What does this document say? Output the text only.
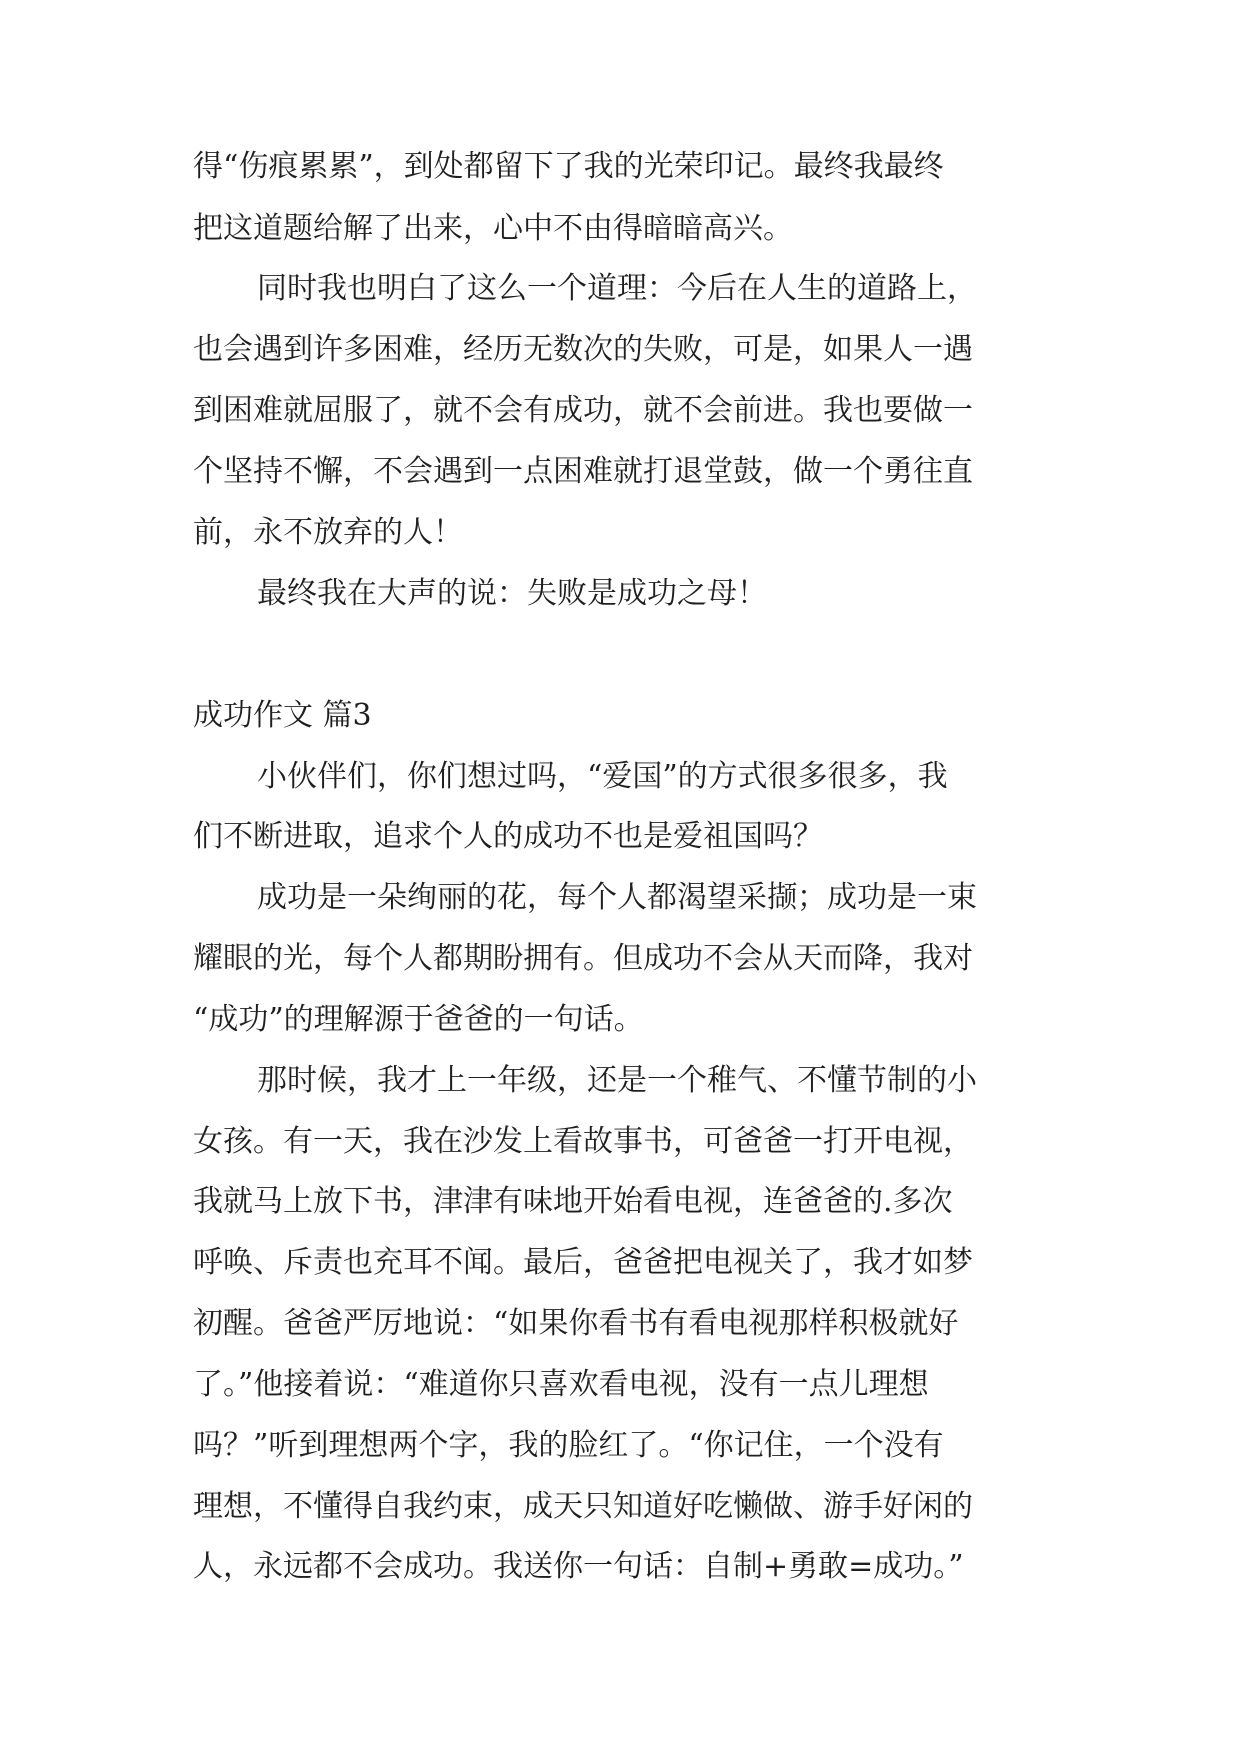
得“伤痕累累”，到处都留下了我的光荣印记。最终我最终
把这道题给解了出来，心中不由得暗暗高兴。
同时我也明白了这么一个道理：今后在人生的道路上，
也会遇到许多困难，经历无数次的失败，可是，如果人一遇
到困难就屈服了，就不会有成功，就不会前进。我也要做一
个坚持不懈，不会遇到一点困难就打退堂鼓，做一个勇往直
前，永不放弃的人！
最终我在大声的说：失败是成功之母！
成功作文 篇3
小伙伴们，你们想过吗，“爱国”的方式很多很多，我
们不断进取，追求个人的成功不也是爱祖国吗？
成功是一朵绚丽的花，每个人都渴望采撷；成功是一束
耀眼的光，每个人都期盼拥有。但成功不会从天而降，我对
“成功”的理解源于爸爸的一句话。
那时候，我才上一年级，还是一个稚气、不懂节制的小
女孩。有一天，我在沙发上看故事书，可爸爸一打开电视，
我就马上放下书，津津有味地开始看电视，连爸爸的.多次
呼唤、斥责也充耳不闻。最后，爸爸把电视关了，我才如梦
初醒。爸爸严厉地说：“如果你看书有看电视那样积极就好
了。”他接着说：“难道你只喜欢看电视，没有一点儿理想
吗？”听到理想两个字，我的脸红了。“你记住，一个没有
理想，不懂得自我约束，成天只知道好吃懒做、游手好闲的
人，永远都不会成功。我送你一句话：自制+勇敢=成功。”
